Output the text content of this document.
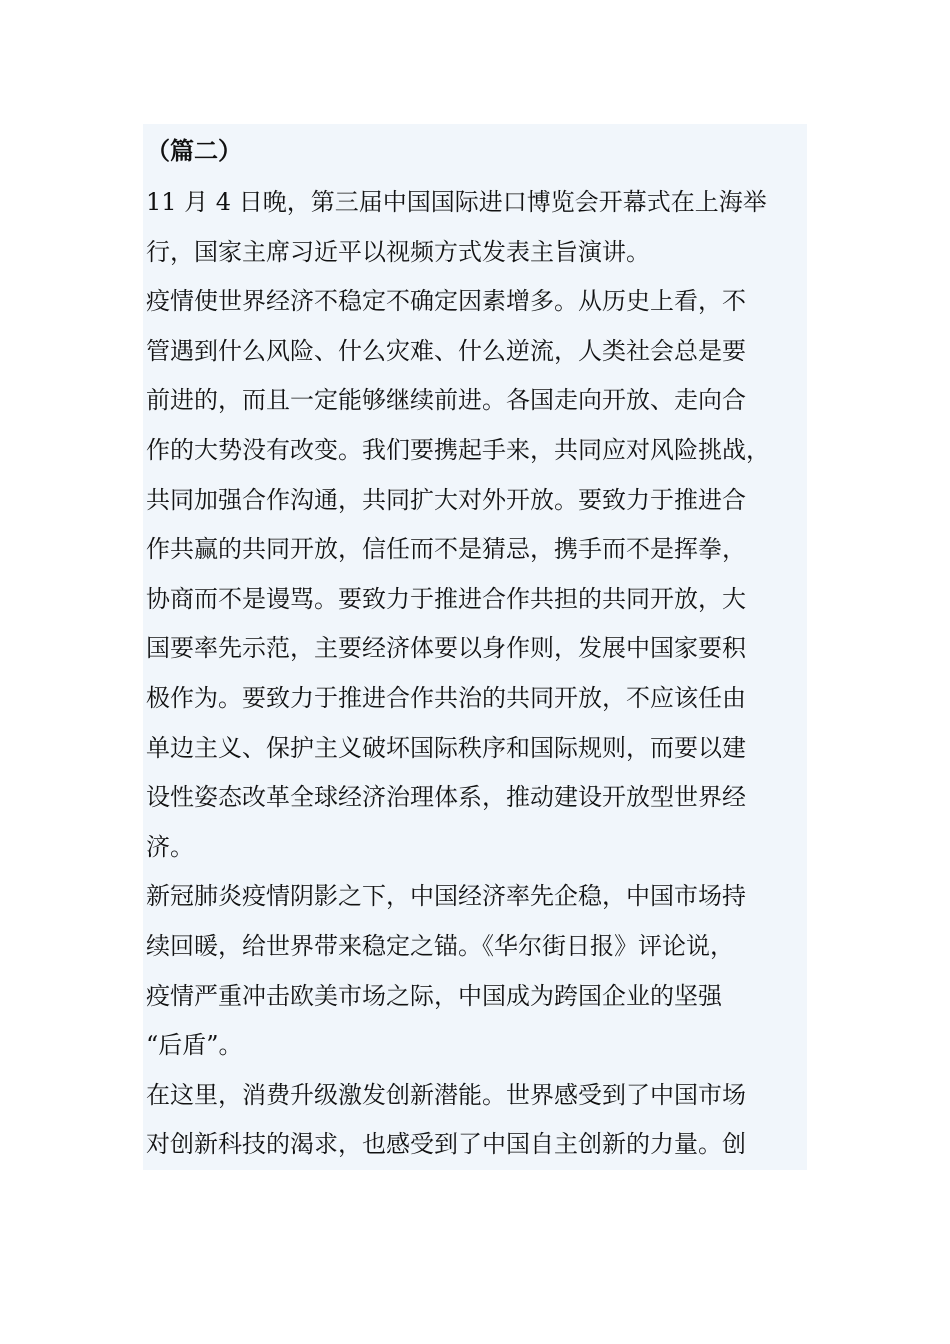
（篇二）
11 月 4 日晚，第三届中国国际进口博览会开幕式在上海举
行，国家主席习近平以视频方式发表主旨演讲。
疫情使世界经济不稳定不确定因素增多。从历史上看，不
管遇到什么风险、什么灾难、什么逆流，人类社会总是要
前进的，而且一定能够继续前进。各国走向开放、走向合
作的大势没有改变。我们要携起手来，共同应对风险挑战，
共同加强合作沟通，共同扩大对外开放。要致力于推进合
作共赢的共同开放，信任而不是猜忌，携手而不是挥拳，
协商而不是谩骂。要致力于推进合作共担的共同开放，大
国要率先示范，主要经济体要以身作则，发展中国家要积
极作为。要致力于推进合作共治的共同开放，不应该任由
单边主义、保护主义破坏国际秩序和国际规则，而要以建
设性姿态改革全球经济治理体系，推动建设开放型世界经
济。
新冠肺炎疫情阴影之下，中国经济率先企稳，中国市场持
续回暖，给世界带来稳定之锚。《华尔街日报》评论说，
疫情严重冲击欧美市场之际，中国成为跨国企业的坚强
“后盾”。
在这里，消费升级激发创新潜能。世界感受到了中国市场
对创新科技的渴求，也感受到了中国自主创新的力量。创
